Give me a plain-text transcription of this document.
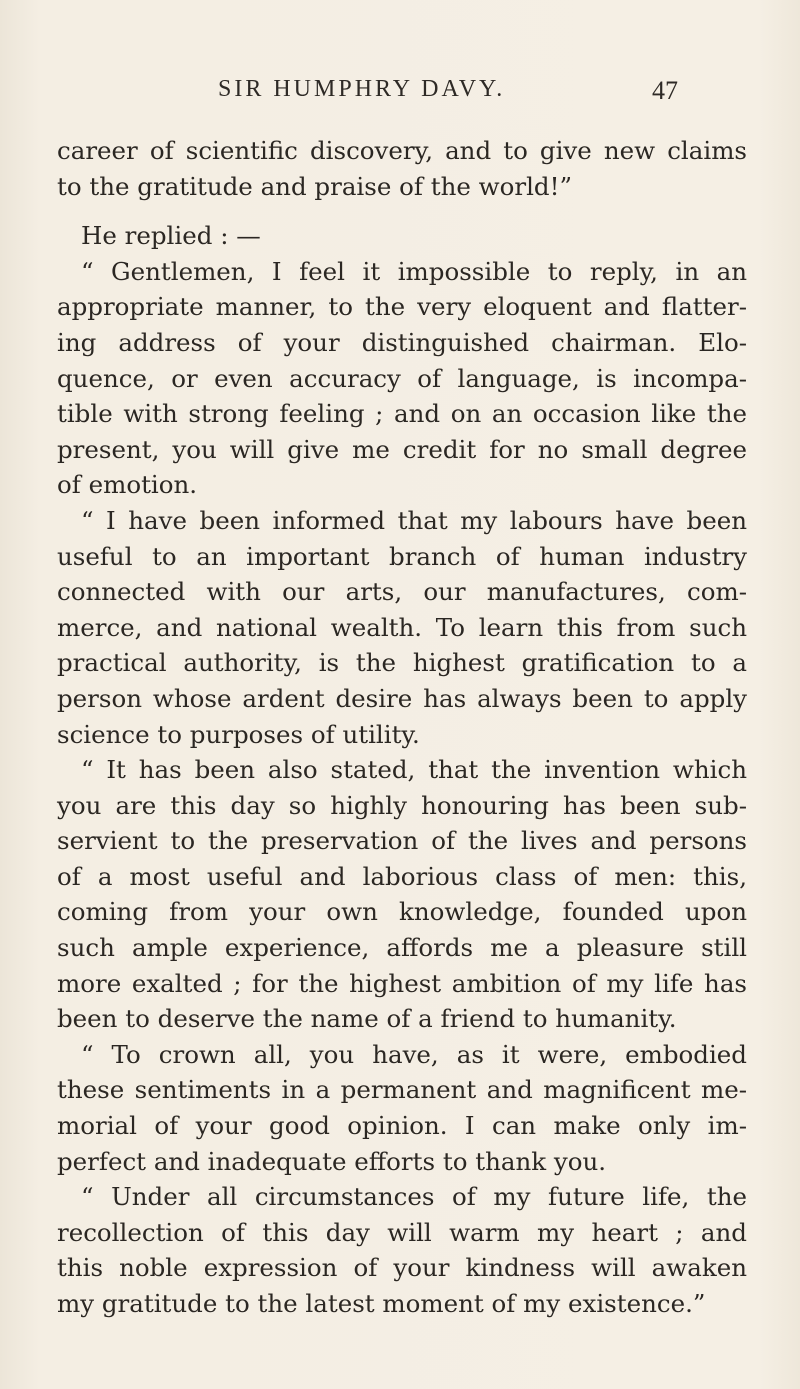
SIR HUMPHRY DAVY.	47
career of scientific discovery, and to give new claims
to the gratitude and praise of the world!”
He replied : —
“ Gentlemen, I feel it impossible to reply, in an
appropriate manner, to the very eloquent and flatter-
ing address of your distinguished chairman. Elo-
quence, or even accuracy of language, is incompa-
tible with strong feeling ; and on an occasion like the
present, you will give me credit for no small degree
of emotion.
“ I have been informed that my labours have been
useful to an important branch of human industry
connected with our arts, our manufactures, com-
merce, and national wealth. To learn this from such
practical authority, is the highest gratification to a
person whose ardent desire has always been to apply
science to purposes of utility.
“ It has been also stated, that the invention which
you are this day so highly honouring has been sub-
servient to the preservation of the lives and persons
of a most useful and laborious class of men: this,
coming from your own knowledge, founded upon
such ample experience, affords me a pleasure still
more exalted ; for the highest ambition of my life has
been to deserve the name of a friend to humanity.
“ To crown all, you have, as it were, embodied
these sentiments in a permanent and magnificent me-
morial of your good opinion. I can make only im-
perfect and inadequate efforts to thank you.
“ Under all circumstances of my future life, the
recollection of this day will warm my heart ; and
this noble expression of your kindness will awaken
my gratitude to the latest moment of my existence.”
